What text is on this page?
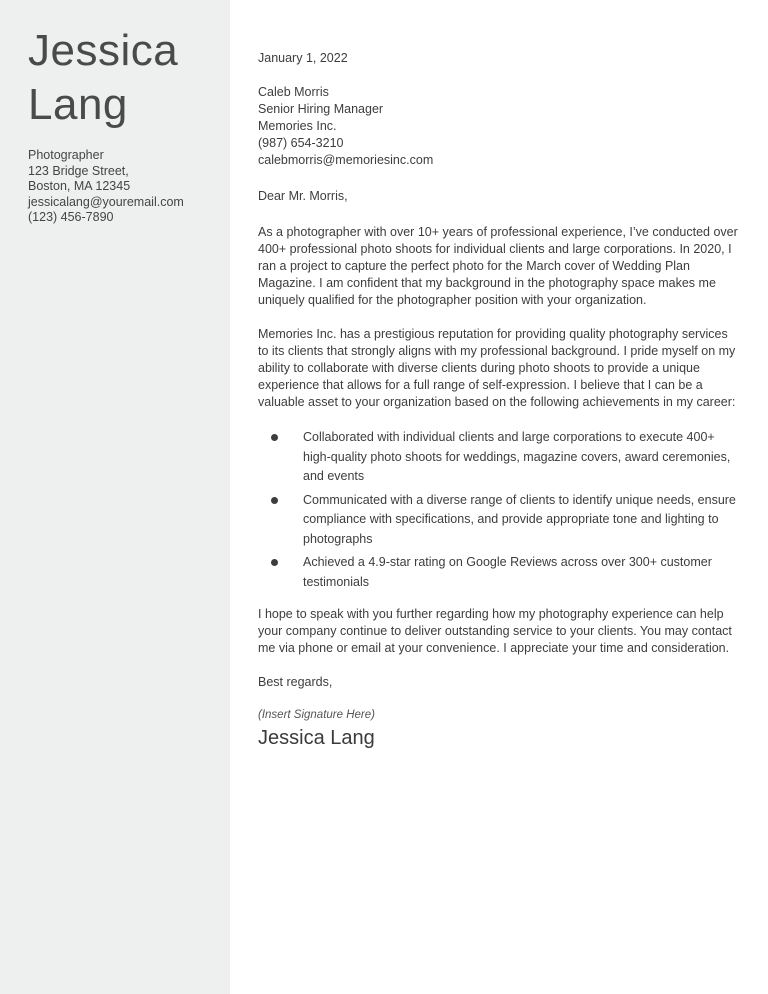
Jessica
Lang
Photographer
123 Bridge Street,
Boston, MA 12345
jessicalang@youremail.com
(123) 456-7890
January 1, 2022
Caleb Morris
Senior Hiring Manager
Memories Inc.
(987) 654-3210
calebmorris@memoriesinc.com
Dear Mr. Morris,

As a photographer with over 10+ years of professional experience, I’ve conducted over 400+ professional photo shoots for individual clients and large corporations. In 2020, I ran a project to capture the perfect photo for the March cover of Wedding Plan Magazine. I am confident that my background in the photography space makes me uniquely qualified for the photographer position with your organization.

Memories Inc. has a prestigious reputation for providing quality photography services to its clients that strongly aligns with my professional background. I pride myself on my ability to collaborate with diverse clients during photo shoots to provide a unique experience that allows for a full range of self-expression. I believe that I can be a valuable asset to your organization based on the following achievements in my career:

Collaborated with individual clients and large corporations to execute 400+ high-quality photo shoots for weddings, magazine covers, award ceremonies, and events
Communicated with a diverse range of clients to identify unique needs, ensure compliance with specifications, and provide appropriate tone and lighting to photographs
Achieved a 4.9-star rating on Google Reviews across over 300+ customer testimonials

I hope to speak with you further regarding how my photography experience can help your company continue to deliver outstanding service to your clients. You may contact me via phone or email at your convenience. I appreciate your time and consideration.

Best regards,
(Insert Signature Here)
Jessica Lang
